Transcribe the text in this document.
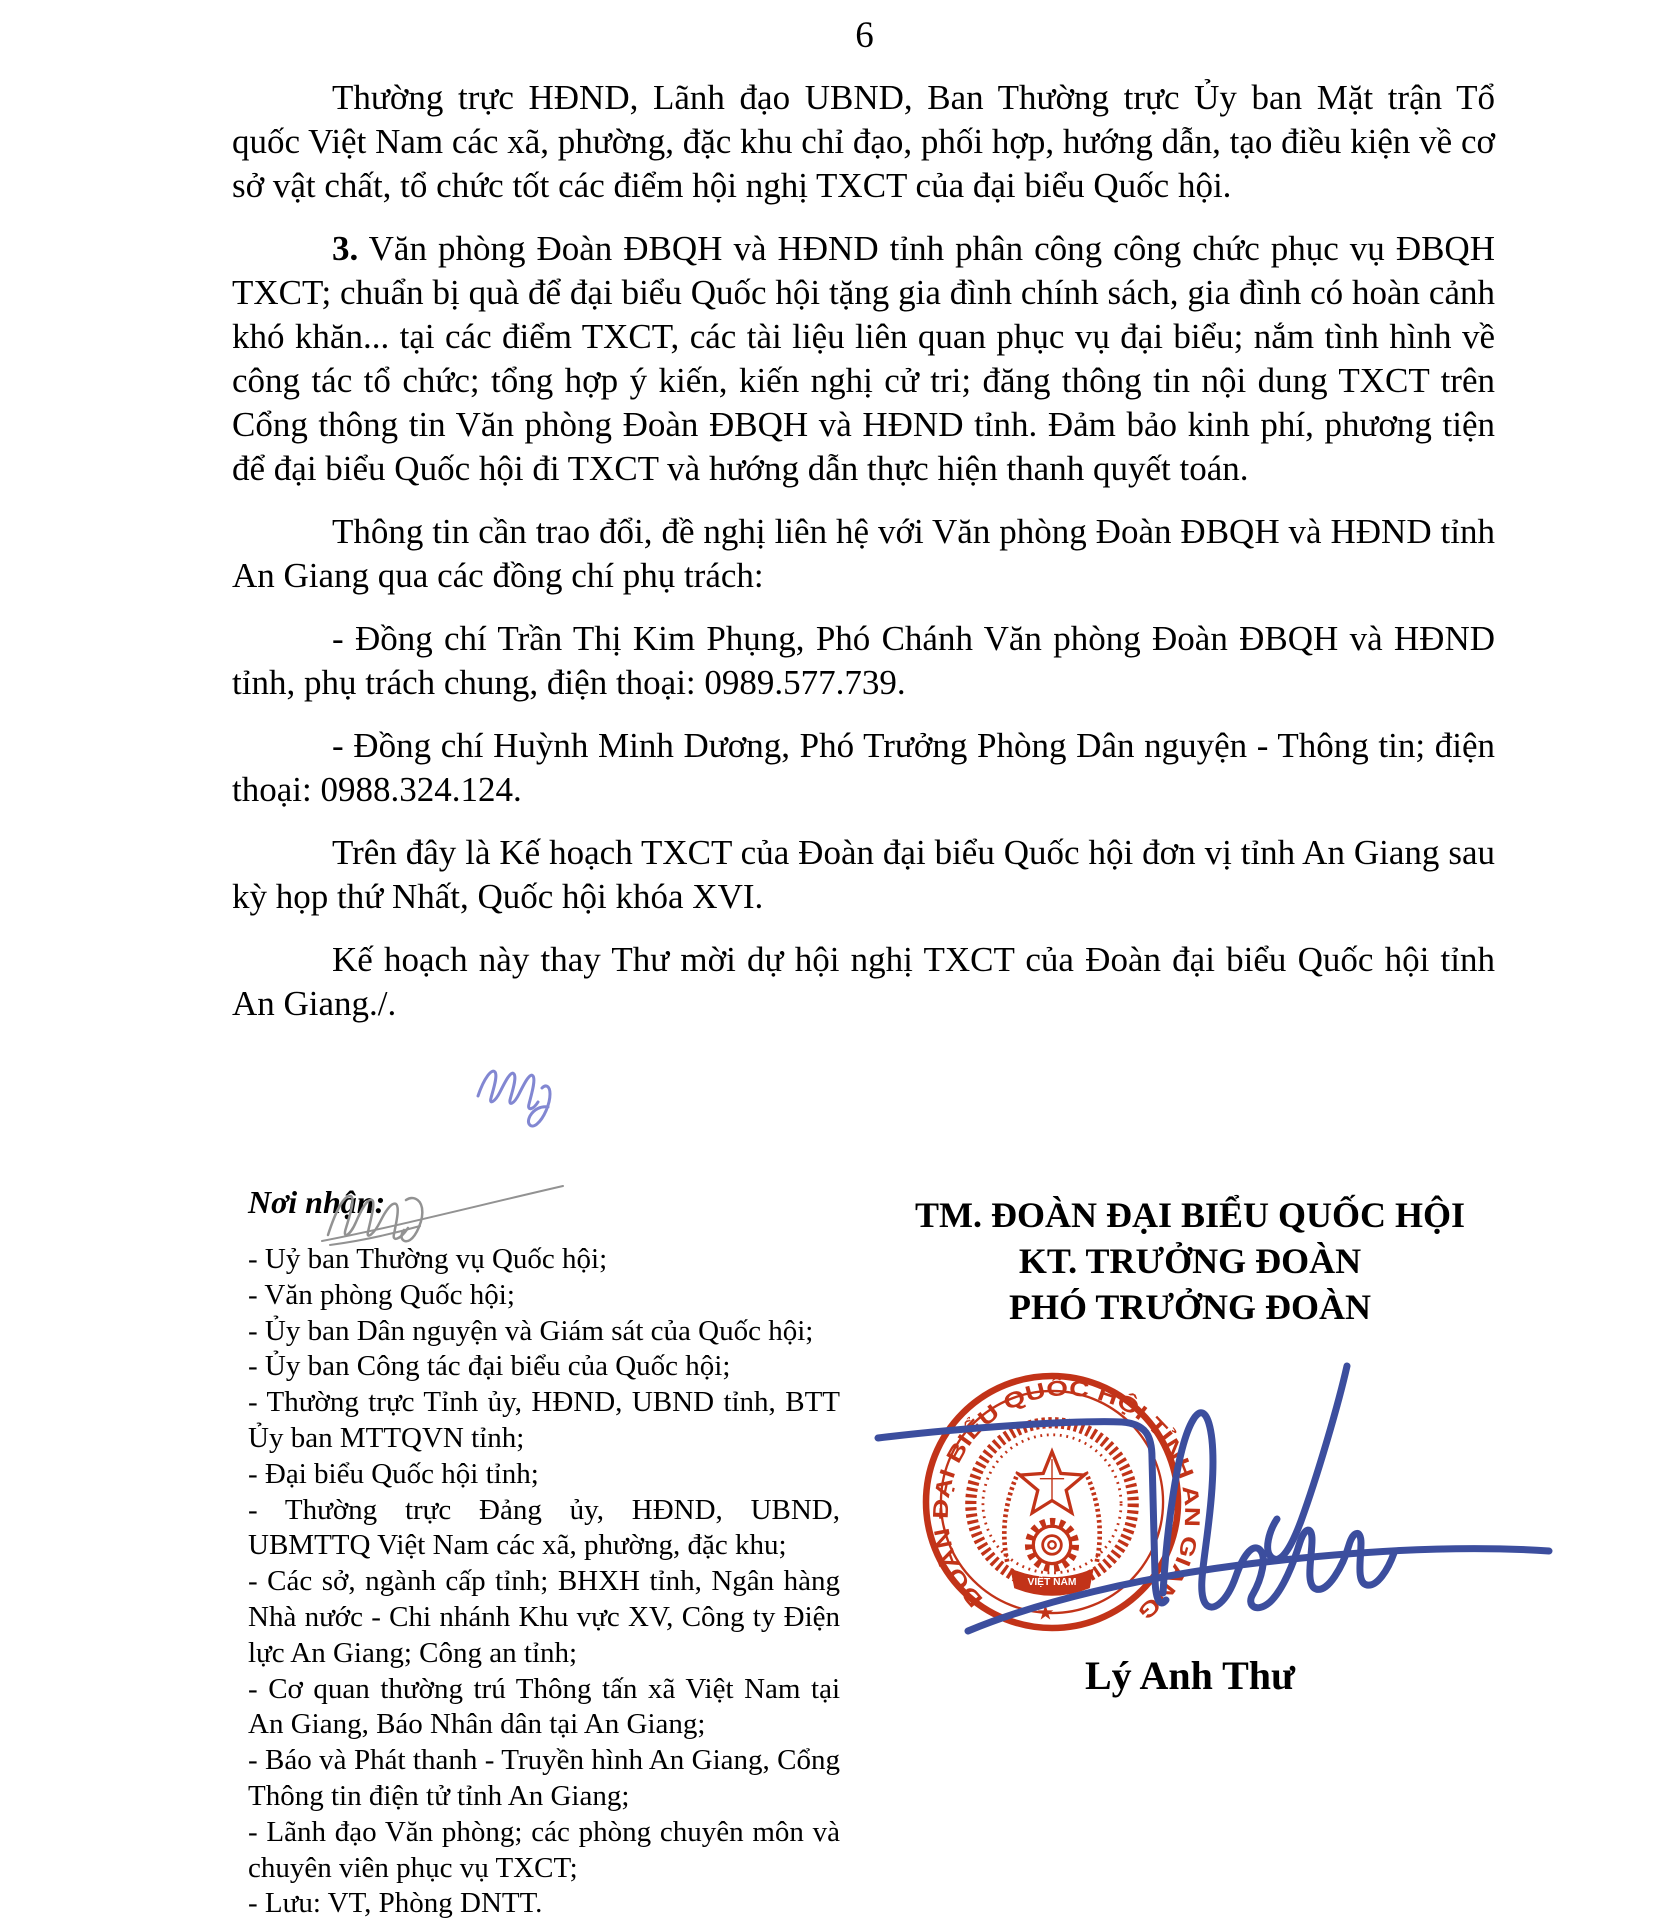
6

Thường trực HĐND, Lãnh đạo UBND, Ban Thường trực Ủy ban Mặt trận Tổ quốc Việt Nam các xã, phường, đặc khu chỉ đạo, phối hợp, hướng dẫn, tạo điều kiện về cơ sở vật chất, tổ chức tốt các điểm hội nghị TXCT của đại biểu Quốc hội.

3. Văn phòng Đoàn ĐBQH và HĐND tỉnh phân công công chức phục vụ ĐBQH TXCT; chuẩn bị quà để đại biểu Quốc hội tặng gia đình chính sách, gia đình có hoàn cảnh khó khăn... tại các điểm TXCT, các tài liệu liên quan phục vụ đại biểu; nắm tình hình về công tác tổ chức; tổng hợp ý kiến, kiến nghị cử tri; đăng thông tin nội dung TXCT trên Cổng thông tin Văn phòng Đoàn ĐBQH và HĐND tỉnh. Đảm bảo kinh phí, phương tiện để đại biểu Quốc hội đi TXCT và hướng dẫn thực hiện thanh quyết toán.

Thông tin cần trao đổi, đề nghị liên hệ với Văn phòng Đoàn ĐBQH và HĐND tỉnh An Giang qua các đồng chí phụ trách:

- Đồng chí Trần Thị Kim Phụng, Phó Chánh Văn phòng Đoàn ĐBQH và HĐND tỉnh, phụ trách chung, điện thoại: 0989.577.739.

- Đồng chí Huỳnh Minh Dương, Phó Trưởng Phòng Dân nguyện - Thông tin; điện thoại: 0988.324.124.

Trên đây là Kế hoạch TXCT của Đoàn đại biểu Quốc hội đơn vị tỉnh An Giang sau kỳ họp thứ Nhất, Quốc hội khóa XVI.

Kế hoạch này thay Thư mời dự hội nghị TXCT của Đoàn đại biểu Quốc hội tỉnh An Giang./.

Nơi nhận:
- Uỷ ban Thường vụ Quốc hội;
- Văn phòng Quốc hội;
- Ủy ban Dân nguyện và Giám sát của Quốc hội;
- Ủy ban Công tác đại biểu của Quốc hội;
- Thường trực Tỉnh ủy, HĐND, UBND tỉnh, BTT Ủy ban MTTQVN tỉnh;
- Đại biểu Quốc hội tỉnh;
- Thường trực Đảng ủy, HĐND, UBND, UBMTTQ Việt Nam các xã, phường, đặc khu;
- Các sở, ngành cấp tỉnh; BHXH tỉnh, Ngân hàng Nhà nước - Chi nhánh Khu vực XV, Công ty Điện lực An Giang; Công an tỉnh;
- Cơ quan thường trú Thông tấn xã Việt Nam tại An Giang, Báo Nhân dân tại An Giang;
- Báo và Phát thanh - Truyền hình An Giang, Cổng Thông tin điện tử tỉnh An Giang;
- Lãnh đạo Văn phòng; các phòng chuyên môn và chuyên viên phục vụ TXCT;
- Lưu: VT, Phòng DNTT.
TM. ĐOÀN ĐẠI BIỂU QUỐC HỘI
KT. TRƯỞNG ĐOÀN
PHÓ TRƯỞNG ĐOÀN
VIỆT NAM
ĐOÀN ĐẠI BIỂU QUỐC HỘI TỈNH AN GIANG
★
Lý Anh Thư
